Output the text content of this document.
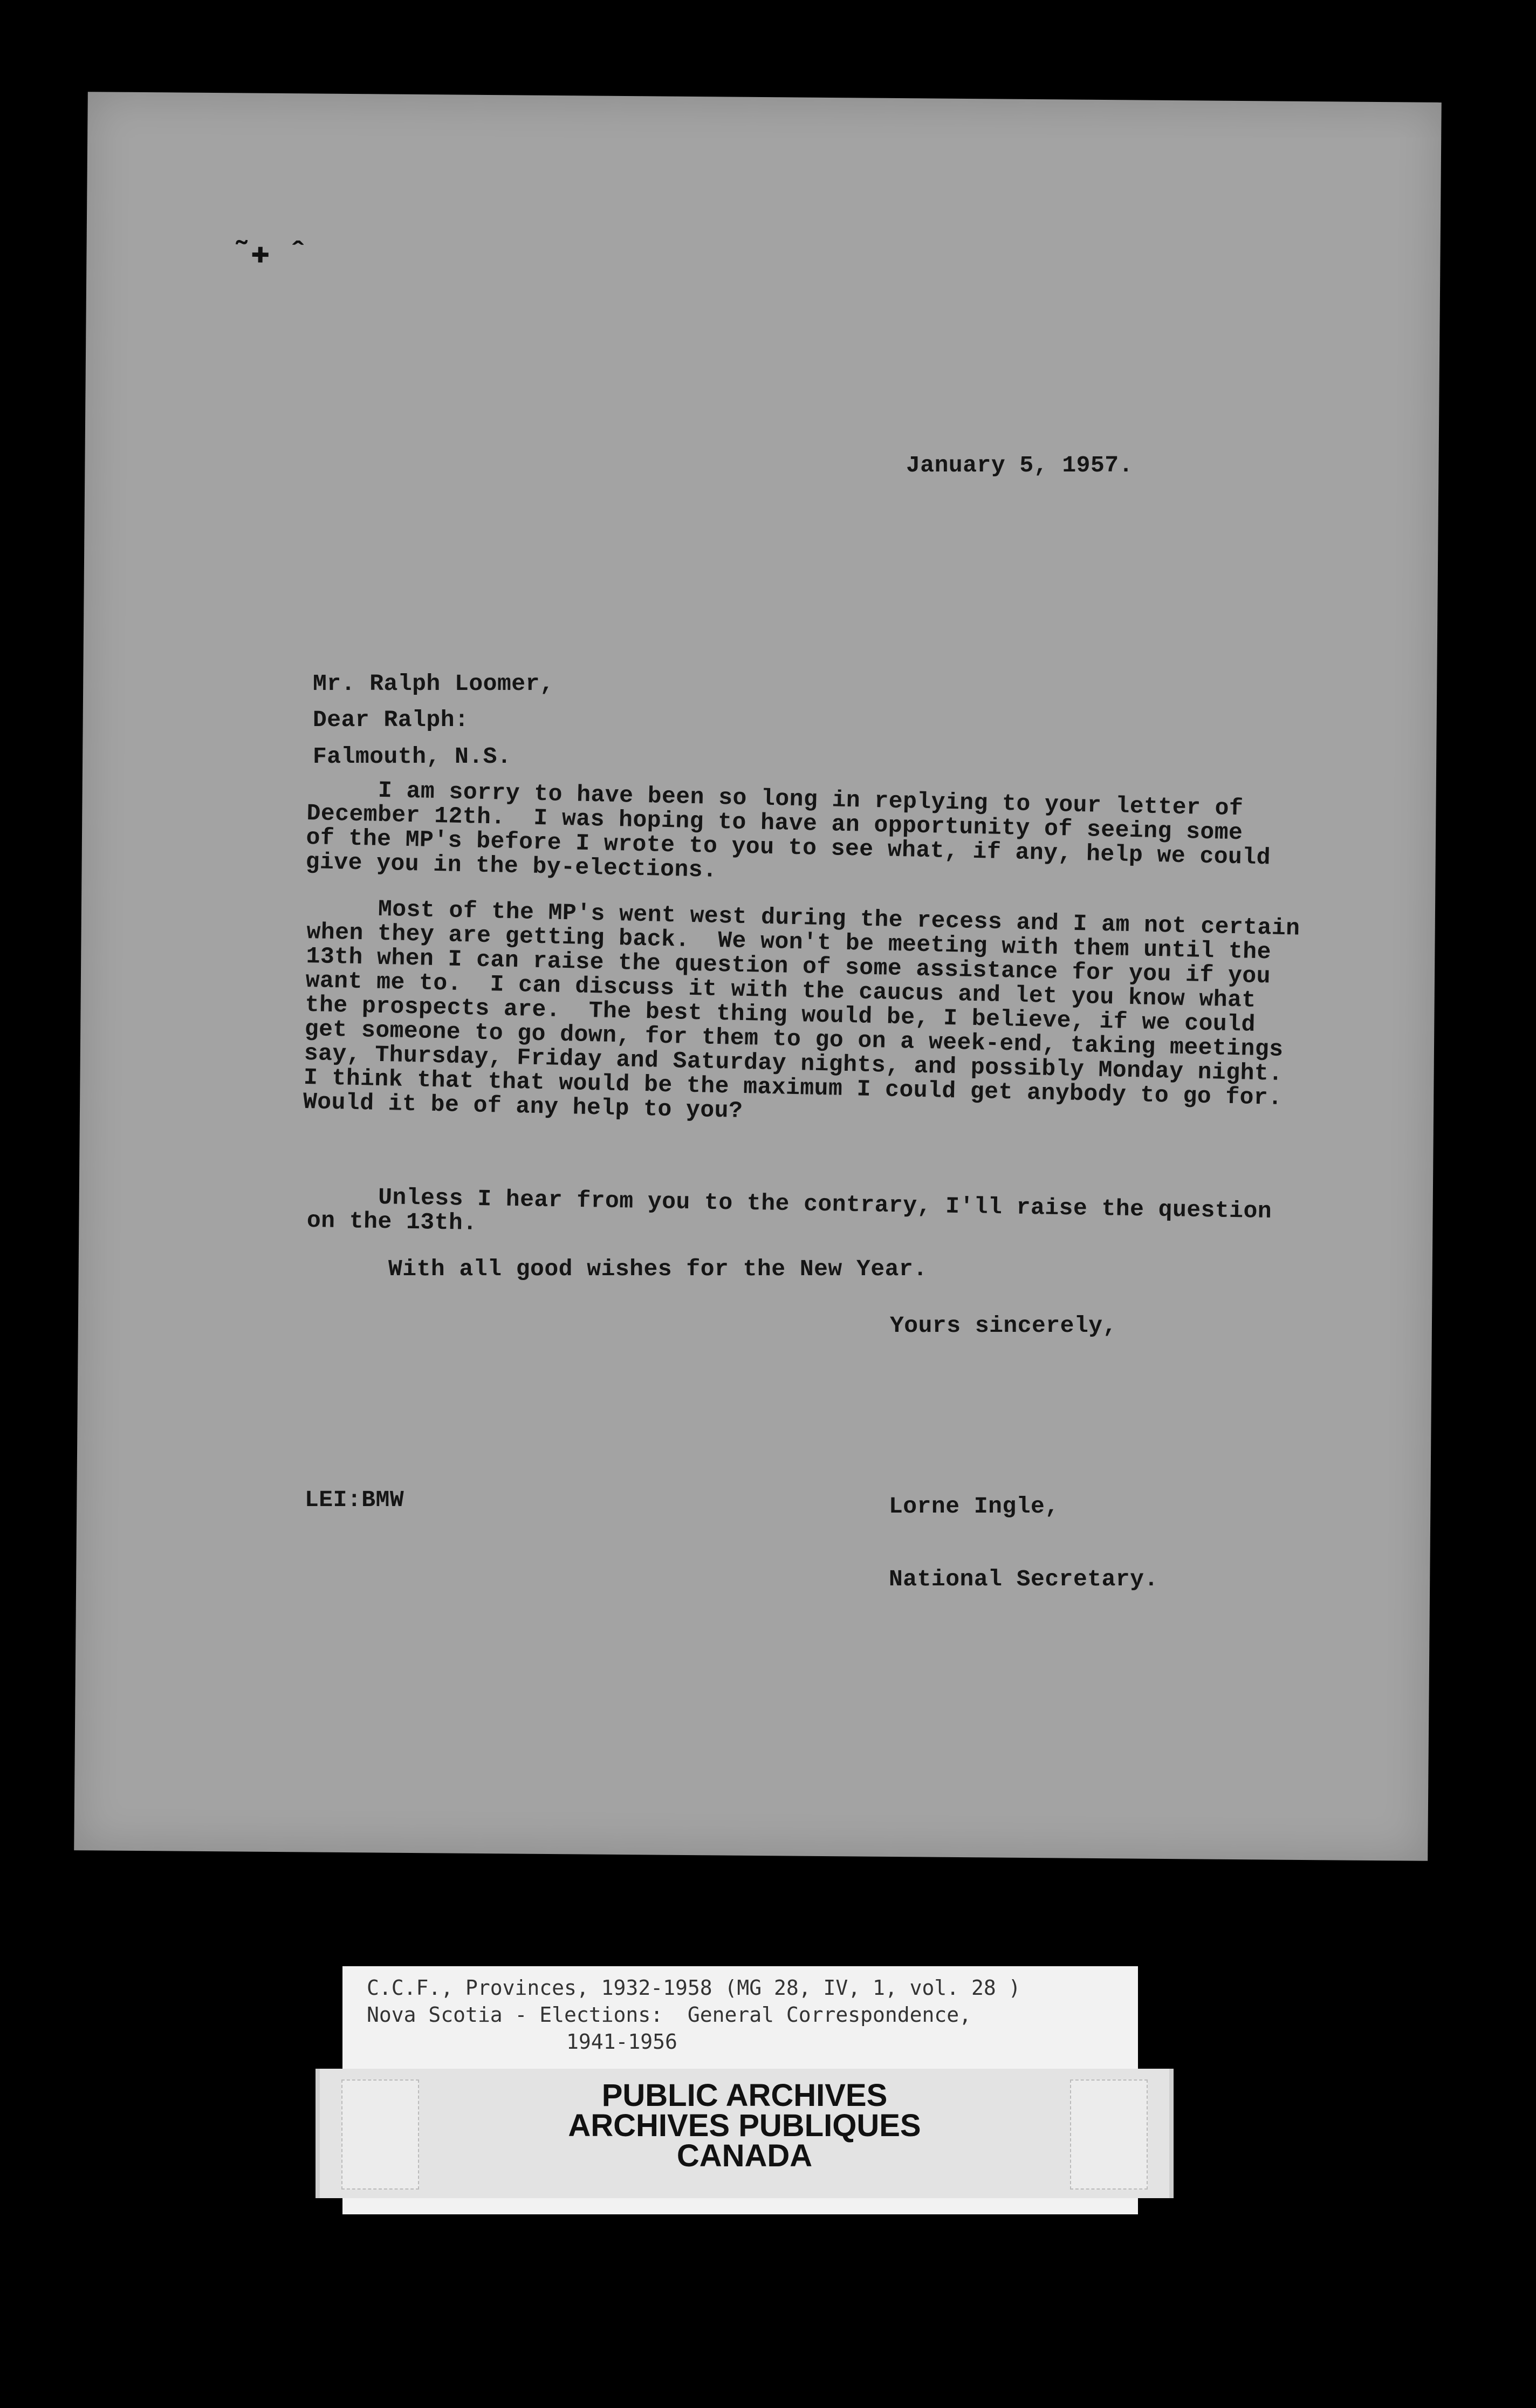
˜✚ ˆ
January 5, 1957.

Mr. Ralph Loomer,

Falmouth, N.S.

Dear Ralph:
I am sorry to have been so long in replying to your letter of
December 12th.  I was hoping to have an opportunity of seeing some
of the MP's before I wrote to you to see what, if any, help we could
give you in the by-elections.
Most of the MP's went west during the recess and I am not certain
when they are getting back.  We won't be meeting with them until the
13th when I can raise the question of some assistance for you if you
want me to.  I can discuss it with the caucus and let you know what
the prospects are.  The best thing would be, I believe, if we could
get someone to go down, for them to go on a week-end, taking meetings
say, Thursday, Friday and Saturday nights, and possibly Monday night.
I think that that would be the maximum I could get anybody to go for.
Would it be of any help to you?
Unless I hear from you to the contrary, I'll raise the question
on the 13th.
With all good wishes for the New Year.
Yours sincerely,

Lorne Ingle,

National Secretary.

LEI:BMW
C.C.F., Provinces, 1932-1958 (MG 28, IV, 1, vol. 28 )
Nova Scotia - Elections:  General Correspondence,
1941-1956
PUBLIC ARCHIVES
ARCHIVES PUBLIQUES
CANADA
